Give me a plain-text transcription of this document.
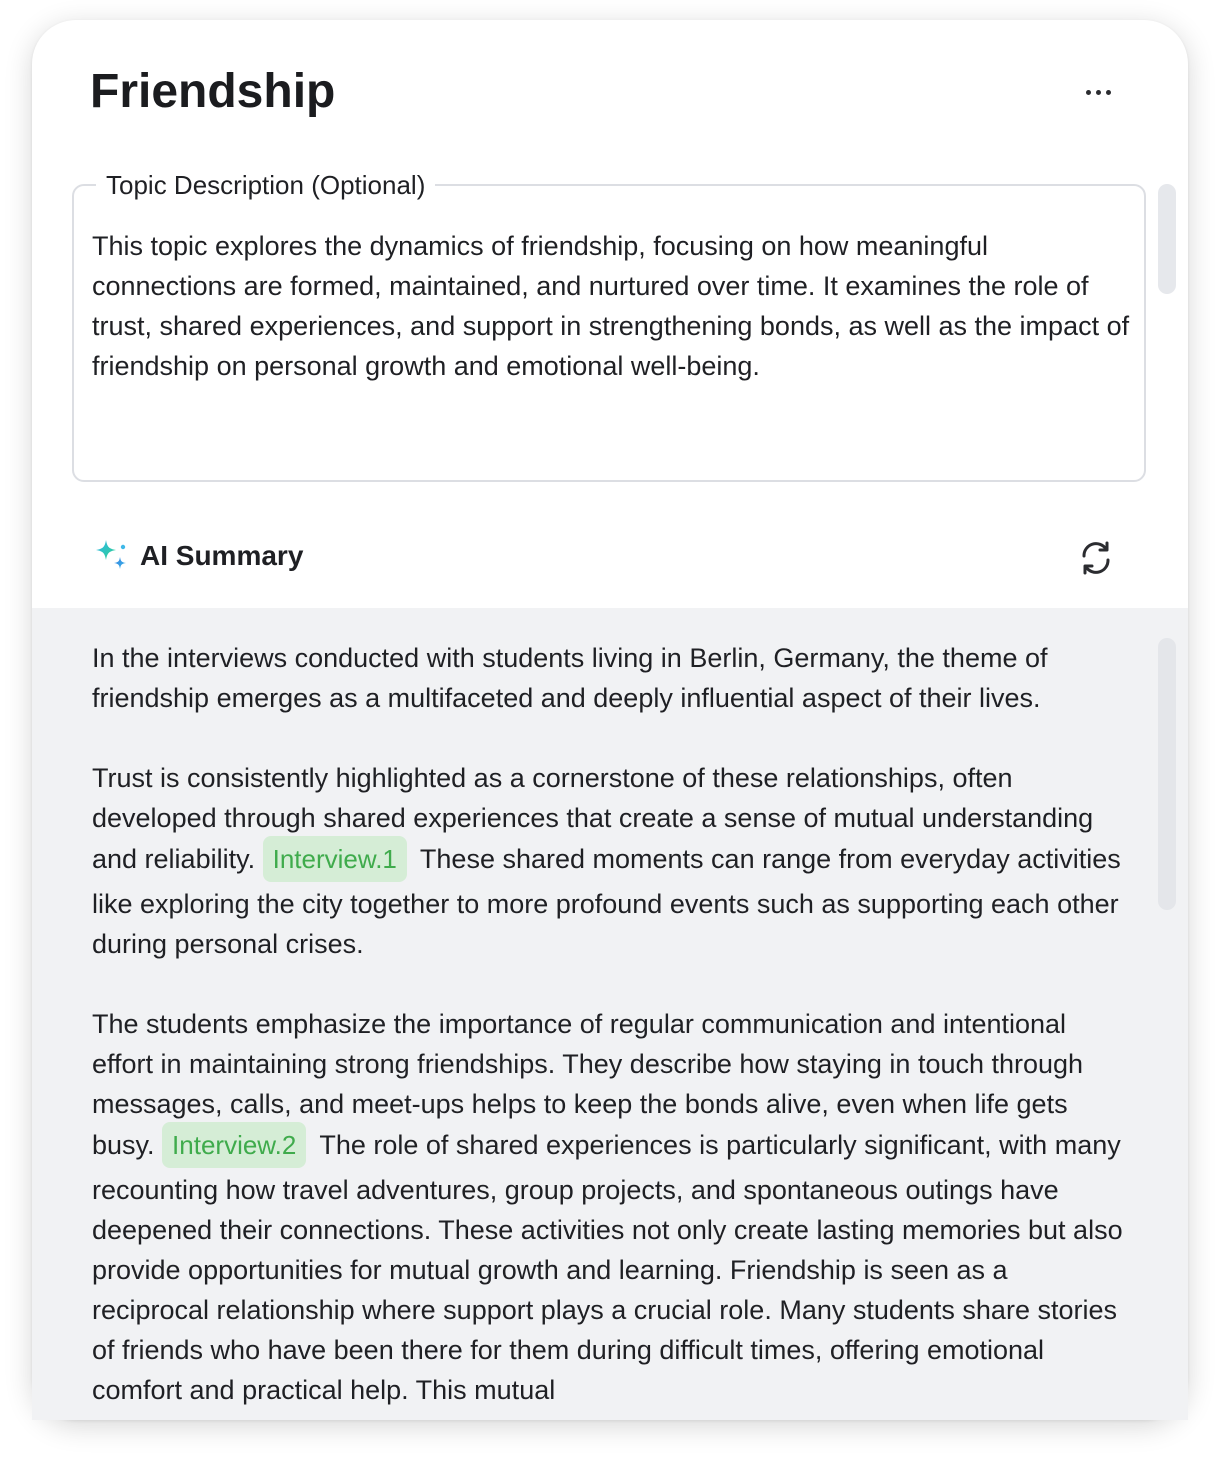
Friendship
Topic Description (Optional)

This topic explores the dynamics of friendship, focusing on how meaningful connections are formed, maintained, and nurtured over time. It examines the role of trust, shared experiences, and support in strengthening bonds, as well as the impact of friendship on personal growth and emotional well-being.

AI Summary

In the interviews conducted with students living in Berlin, Germany, the theme of friendship emerges as a multifaceted and deeply influential aspect of their lives.

Trust is consistently highlighted as a cornerstone of these relationships, often developed through shared experiences that create a sense of mutual understanding and reliability. Interview.1 These shared moments can range from everyday activities like exploring the city together to more profound events such as supporting each other during personal crises.

The students emphasize the importance of regular communication and intentional effort in maintaining strong friendships. They describe how staying in touch through messages, calls, and meet-ups helps to keep the bonds alive, even when life gets busy. Interview.2 The role of shared experiences is particularly significant, with many recounting how travel adventures, group projects, and spontaneous outings have deepened their connections. These activities not only create lasting memories but also provide opportunities for mutual growth and learning. Friendship is seen as a reciprocal relationship where support plays a crucial role. Many students share stories of friends who have been there for them during difficult times, offering emotional comfort and practical help. This mutual
